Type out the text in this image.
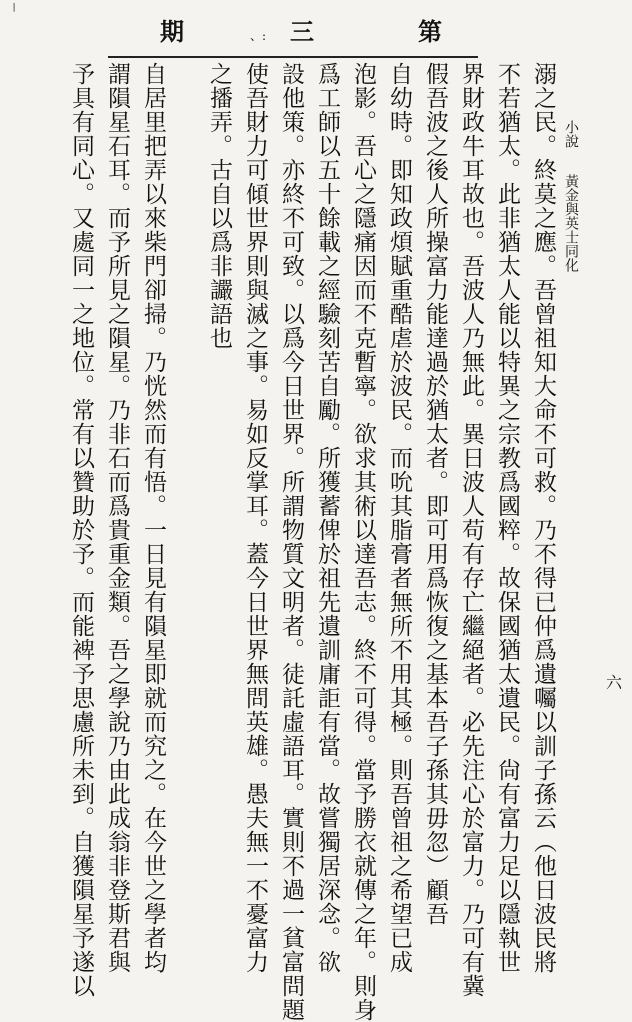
··········
第
、: 三
期
小說 黃金與英士同化
溺之民。終莫之應。吾曾祖知大命不可救。乃不得已仲爲遺囑以訓子孫云（他日波民將
不若猶太。此非猶太人能以特異之宗教爲國粹。故保國猶太遺民。尙有富力足以隱執世
界財政牛耳故也。吾波人乃無此。異日波人苟有存亡繼絕者。必先注心於富力。乃可有冀
假吾波之後人所操富力能達過於猶太者。即可用爲恢復之基本吾子孫其毋忽）顧吾
自幼時。即知政煩賦重酷虐於波民。而吮其脂膏者無所不用其極。則吾曾祖之希望已成
泡影。吾心之隱痛因而不克暫寧。欲求其術以達吾志。終不可得。當予勝衣就傳之年。則身
爲工師以五十餘載之經驗刻苦自勵。所獲蓄俾於祖先遺訓庸詎有當。故嘗獨居深念。欲
設他策。亦終不可致。以爲今日世界。所謂物質文明者。徒託虛語耳。實則不過一貧富問題
使吾財力可傾世界則與滅之事。易如反掌耳。蓋今日世界無問英雄。愚夫無一不憂富力
之播弄。古自以爲非讝語也
自居里把弄以來柴門卻掃。乃恍然而有悟。一日見有隕星即就而究之。在今世之學者均
謂隕星石耳。而予所見之隕星。乃非石而爲貴重金類。吾之學說乃由此成翁非登斯君與
予具有同心。又處同一之地位。常有以贊助於予。而能裨予思慮所未到。自獲隕星予遂以	六
